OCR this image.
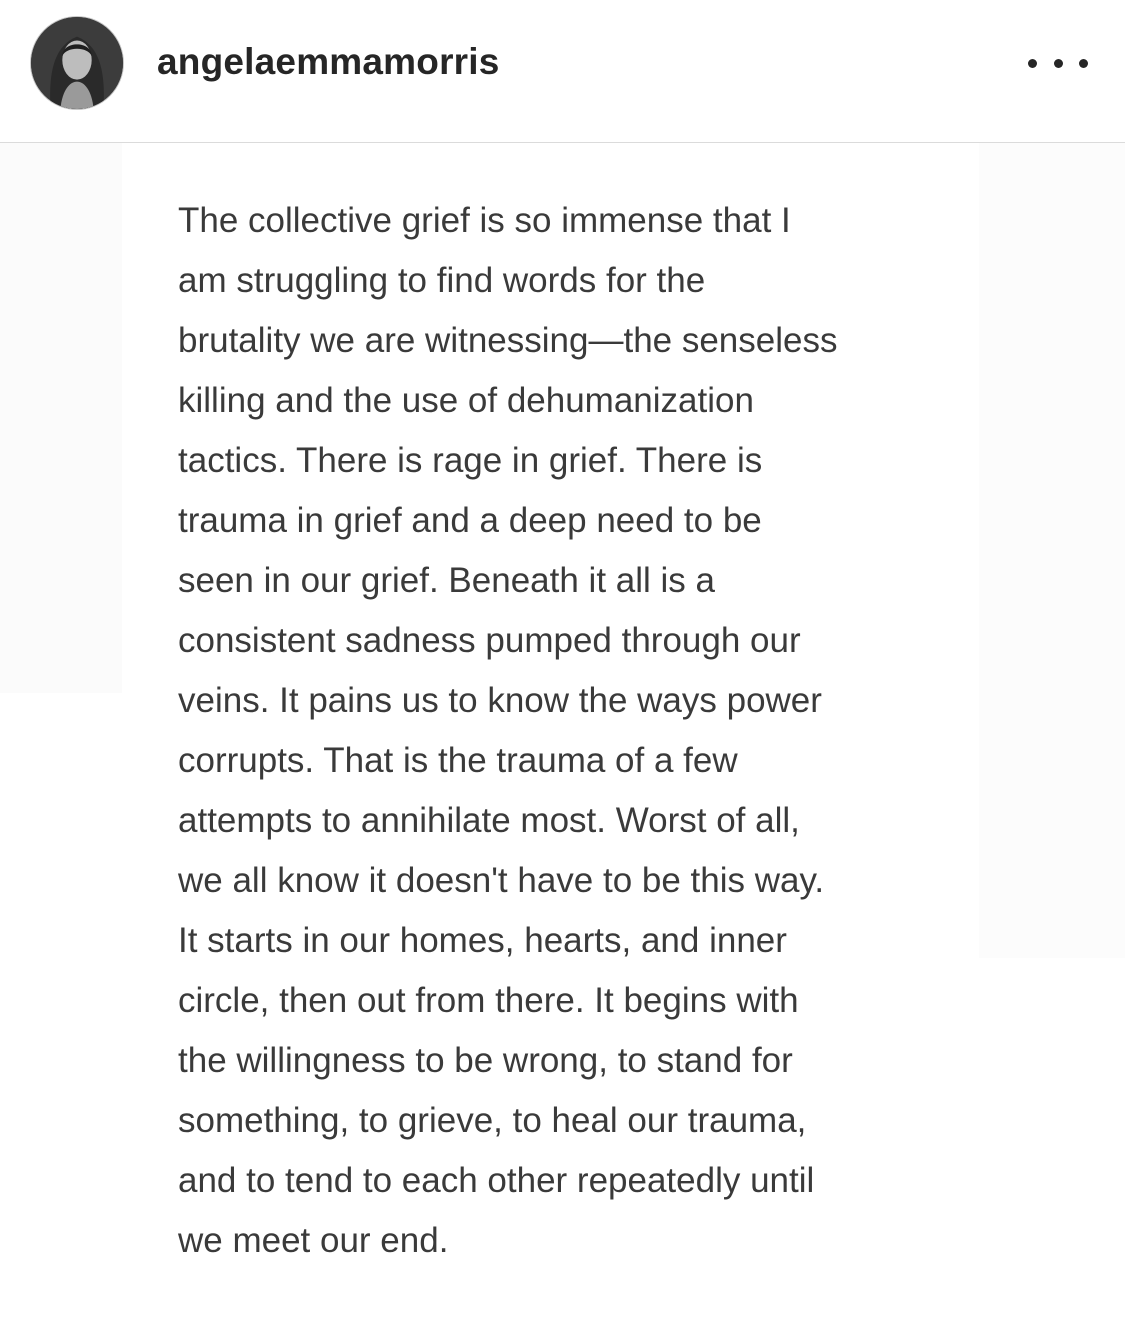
angelaemmamorris

The collective grief is so immense that I
am struggling to find words for the
brutality we are witnessing—the senseless
killing and the use of dehumanization
tactics. There is rage in grief. There is
trauma in grief and a deep need to be
seen in our grief. Beneath it all is a
consistent sadness pumped through our
veins. It pains us to know the ways power
corrupts. That is the trauma of a few
attempts to annihilate most. Worst of all,
we all know it doesn't have to be this way.
It starts in our homes, hearts, and inner
circle, then out from there. It begins with
the willingness to be wrong, to stand for
something, to grieve, to heal our trauma,
and to tend to each other repeatedly until
we meet our end.
